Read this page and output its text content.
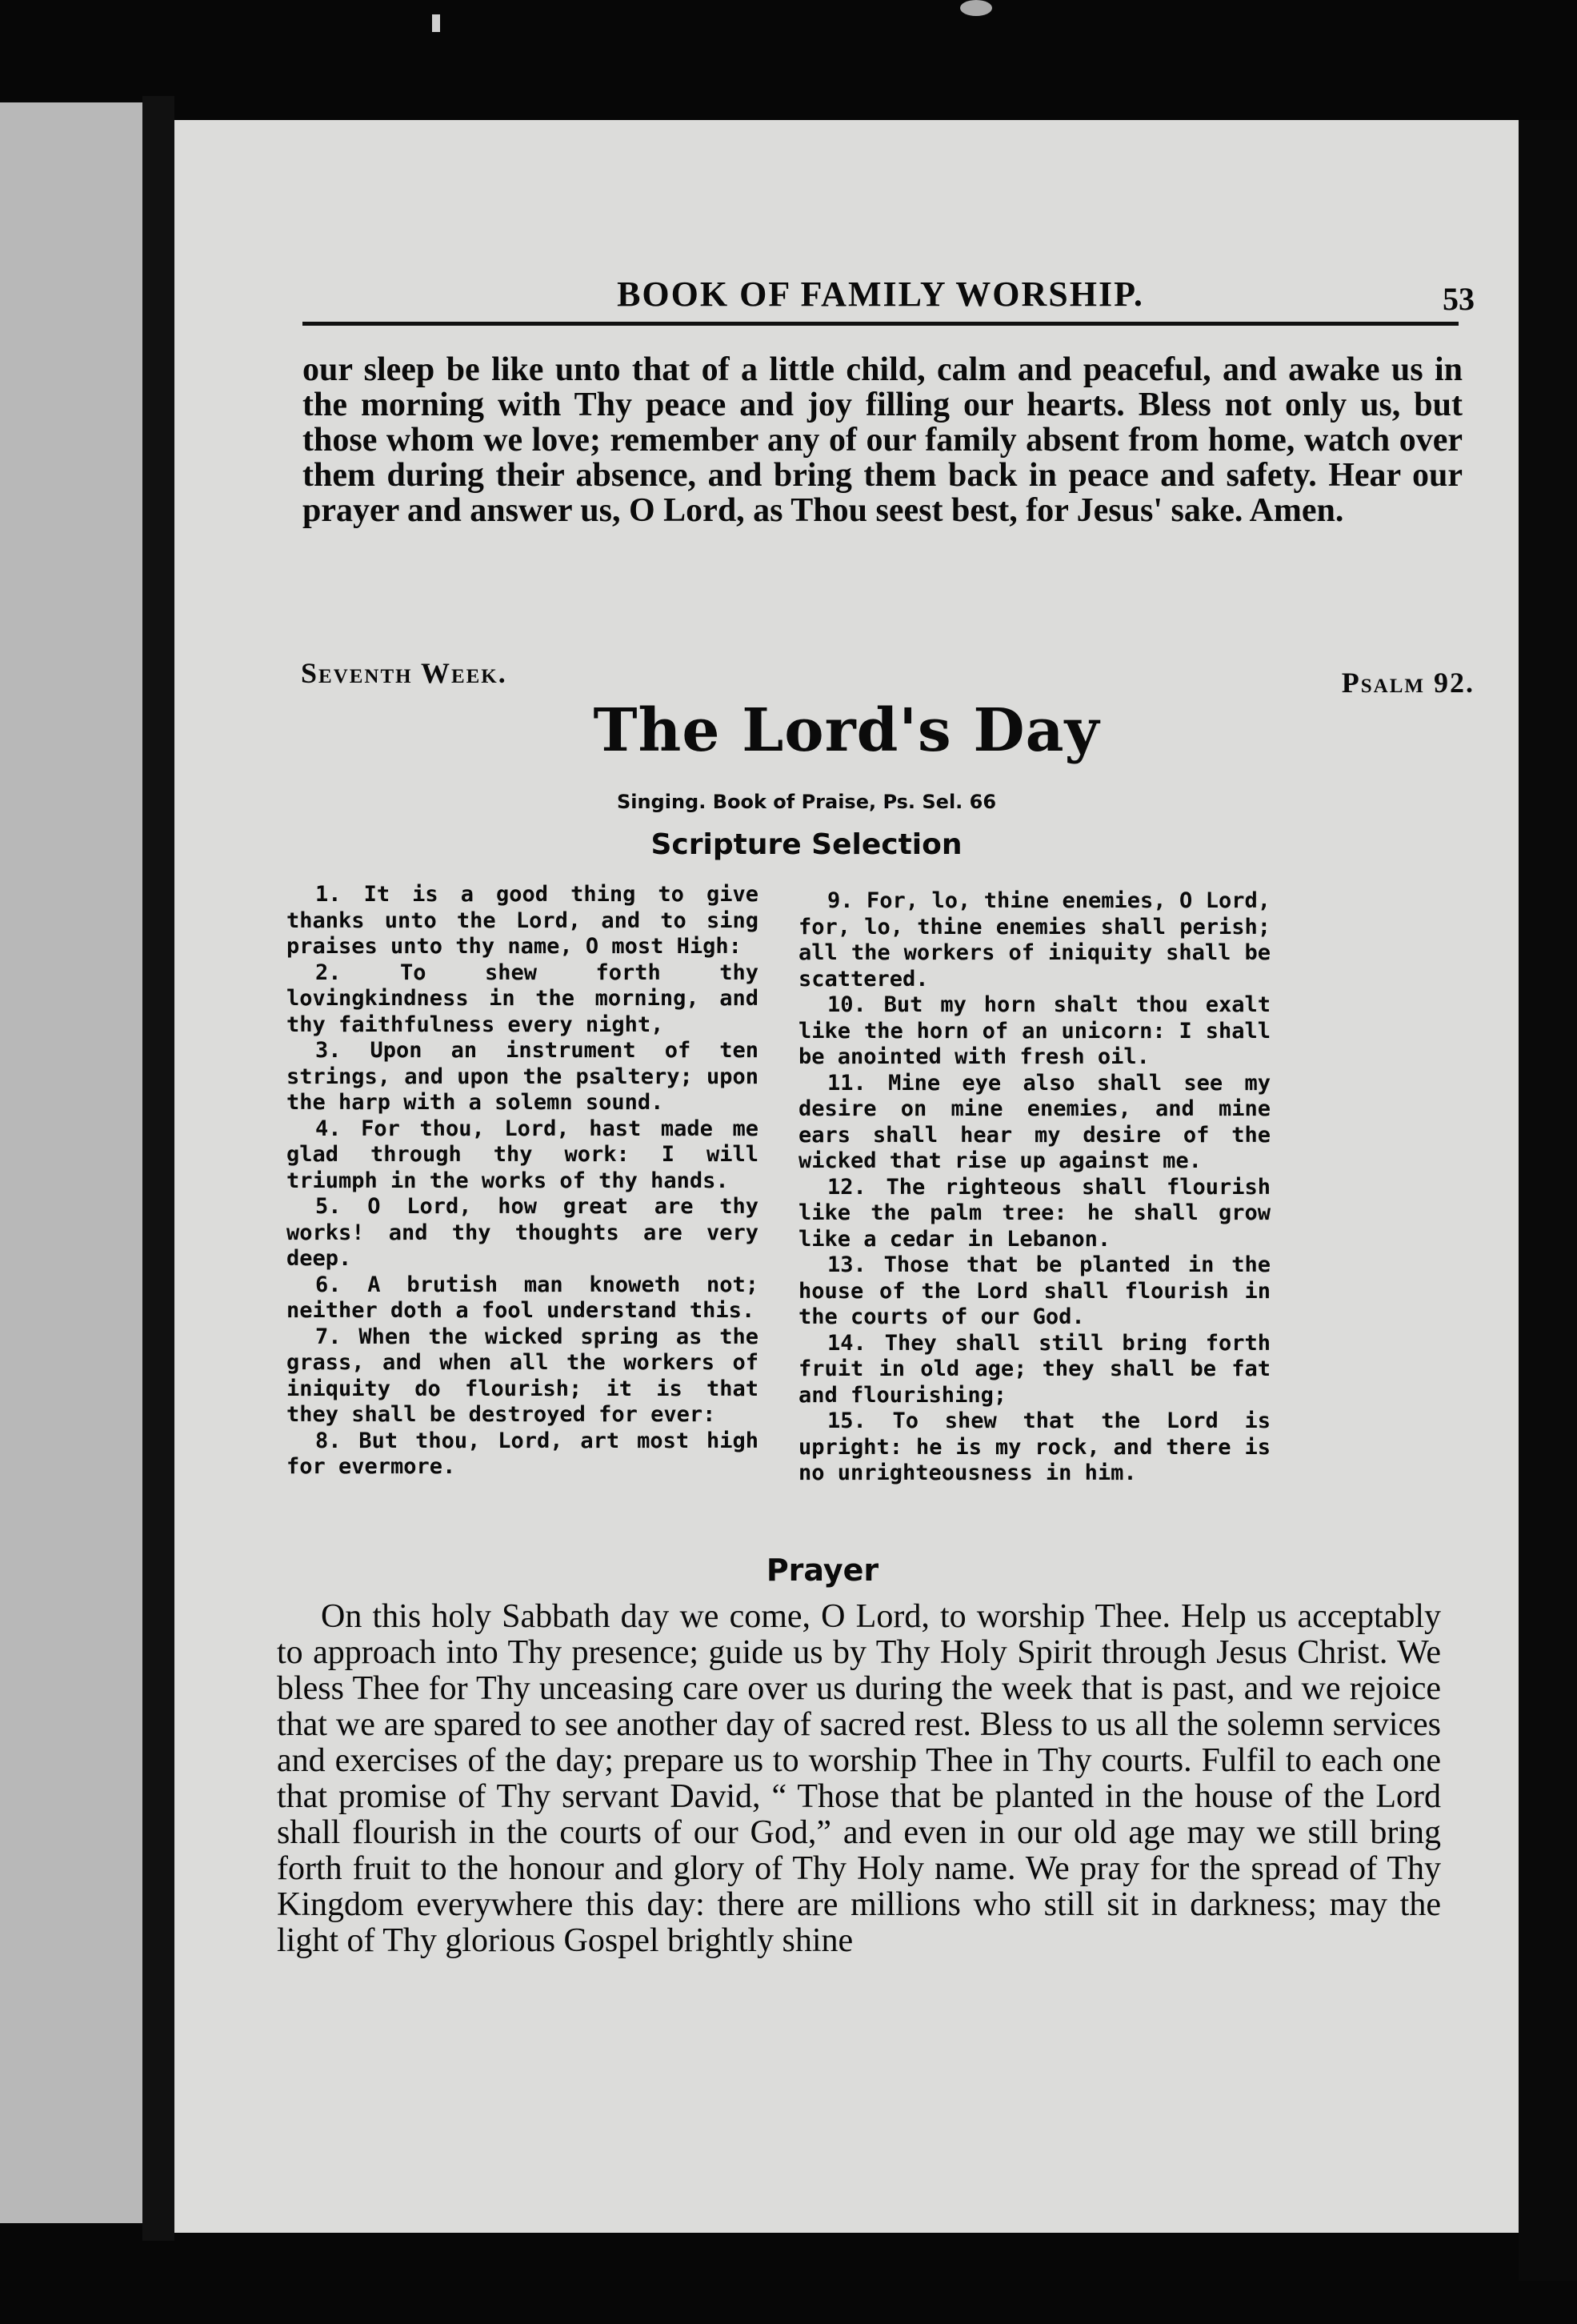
BOOK OF FAMILY WORSHIP.	53

our sleep be like unto that of a little child, calm and peaceful, and awake us in the morning with Thy peace and joy filling our hearts. Bless not only us, but those whom we love; remember any of our family absent from home, watch over them during their absence, and bring them back in peace and safety. Hear our prayer and answer us, O Lord, as Thou seest best, for Jesus' sake. Amen.

Seventh Week.	Psalm 92.
The Lord's Day
Singing. Book of Praise, Ps. Sel. 66
Scripture Selection

1. It is a good thing to give thanks unto the Lord, and to sing praises unto thy name, O most High:

2. To shew forth thy lovingkindness in the morning, and thy faithfulness every night,

3. Upon an instrument of ten strings, and upon the psaltery; upon the harp with a solemn sound.

4. For thou, Lord, hast made me glad through thy work: I will triumph in the works of thy hands.

5. O Lord, how great are thy works! and thy thoughts are very deep.

6. A brutish man knoweth not; neither doth a fool understand this.

7. When the wicked spring as the grass, and when all the workers of iniquity do flourish; it is that they shall be destroyed for ever:

8. But thou, Lord, art most high for evermore.

9. For, lo, thine enemies, O Lord, for, lo, thine enemies shall perish; all the workers of iniquity shall be scattered.

10. But my horn shalt thou exalt like the horn of an unicorn: I shall be anointed with fresh oil.

11. Mine eye also shall see my desire on mine enemies, and mine ears shall hear my desire of the wicked that rise up against me.

12. The righteous shall flourish like the palm tree: he shall grow like a cedar in Lebanon.

13. Those that be planted in the house of the Lord shall flourish in the courts of our God.

14. They shall still bring forth fruit in old age; they shall be fat and flourishing;

15. To shew that the Lord is upright: he is my rock, and there is no unrighteousness in him.

Prayer

On this holy Sabbath day we come, O Lord, to worship Thee. Help us acceptably to approach into Thy presence; guide us by Thy Holy Spirit through Jesus Christ. We bless Thee for Thy unceasing care over us during the week that is past, and we rejoice that we are spared to see another day of sacred rest. Bless to us all the solemn services and exercises of the day; prepare us to worship Thee in Thy courts. Fulfil to each one that promise of Thy servant David, “ Those that be planted in the house of the Lord shall flourish in the courts of our God,” and even in our old age may we still bring forth fruit to the honour and glory of Thy Holy name. We pray for the spread of Thy Kingdom everywhere this day: there are millions who still sit in darkness; may the light of Thy glorious Gospel brightly shine
